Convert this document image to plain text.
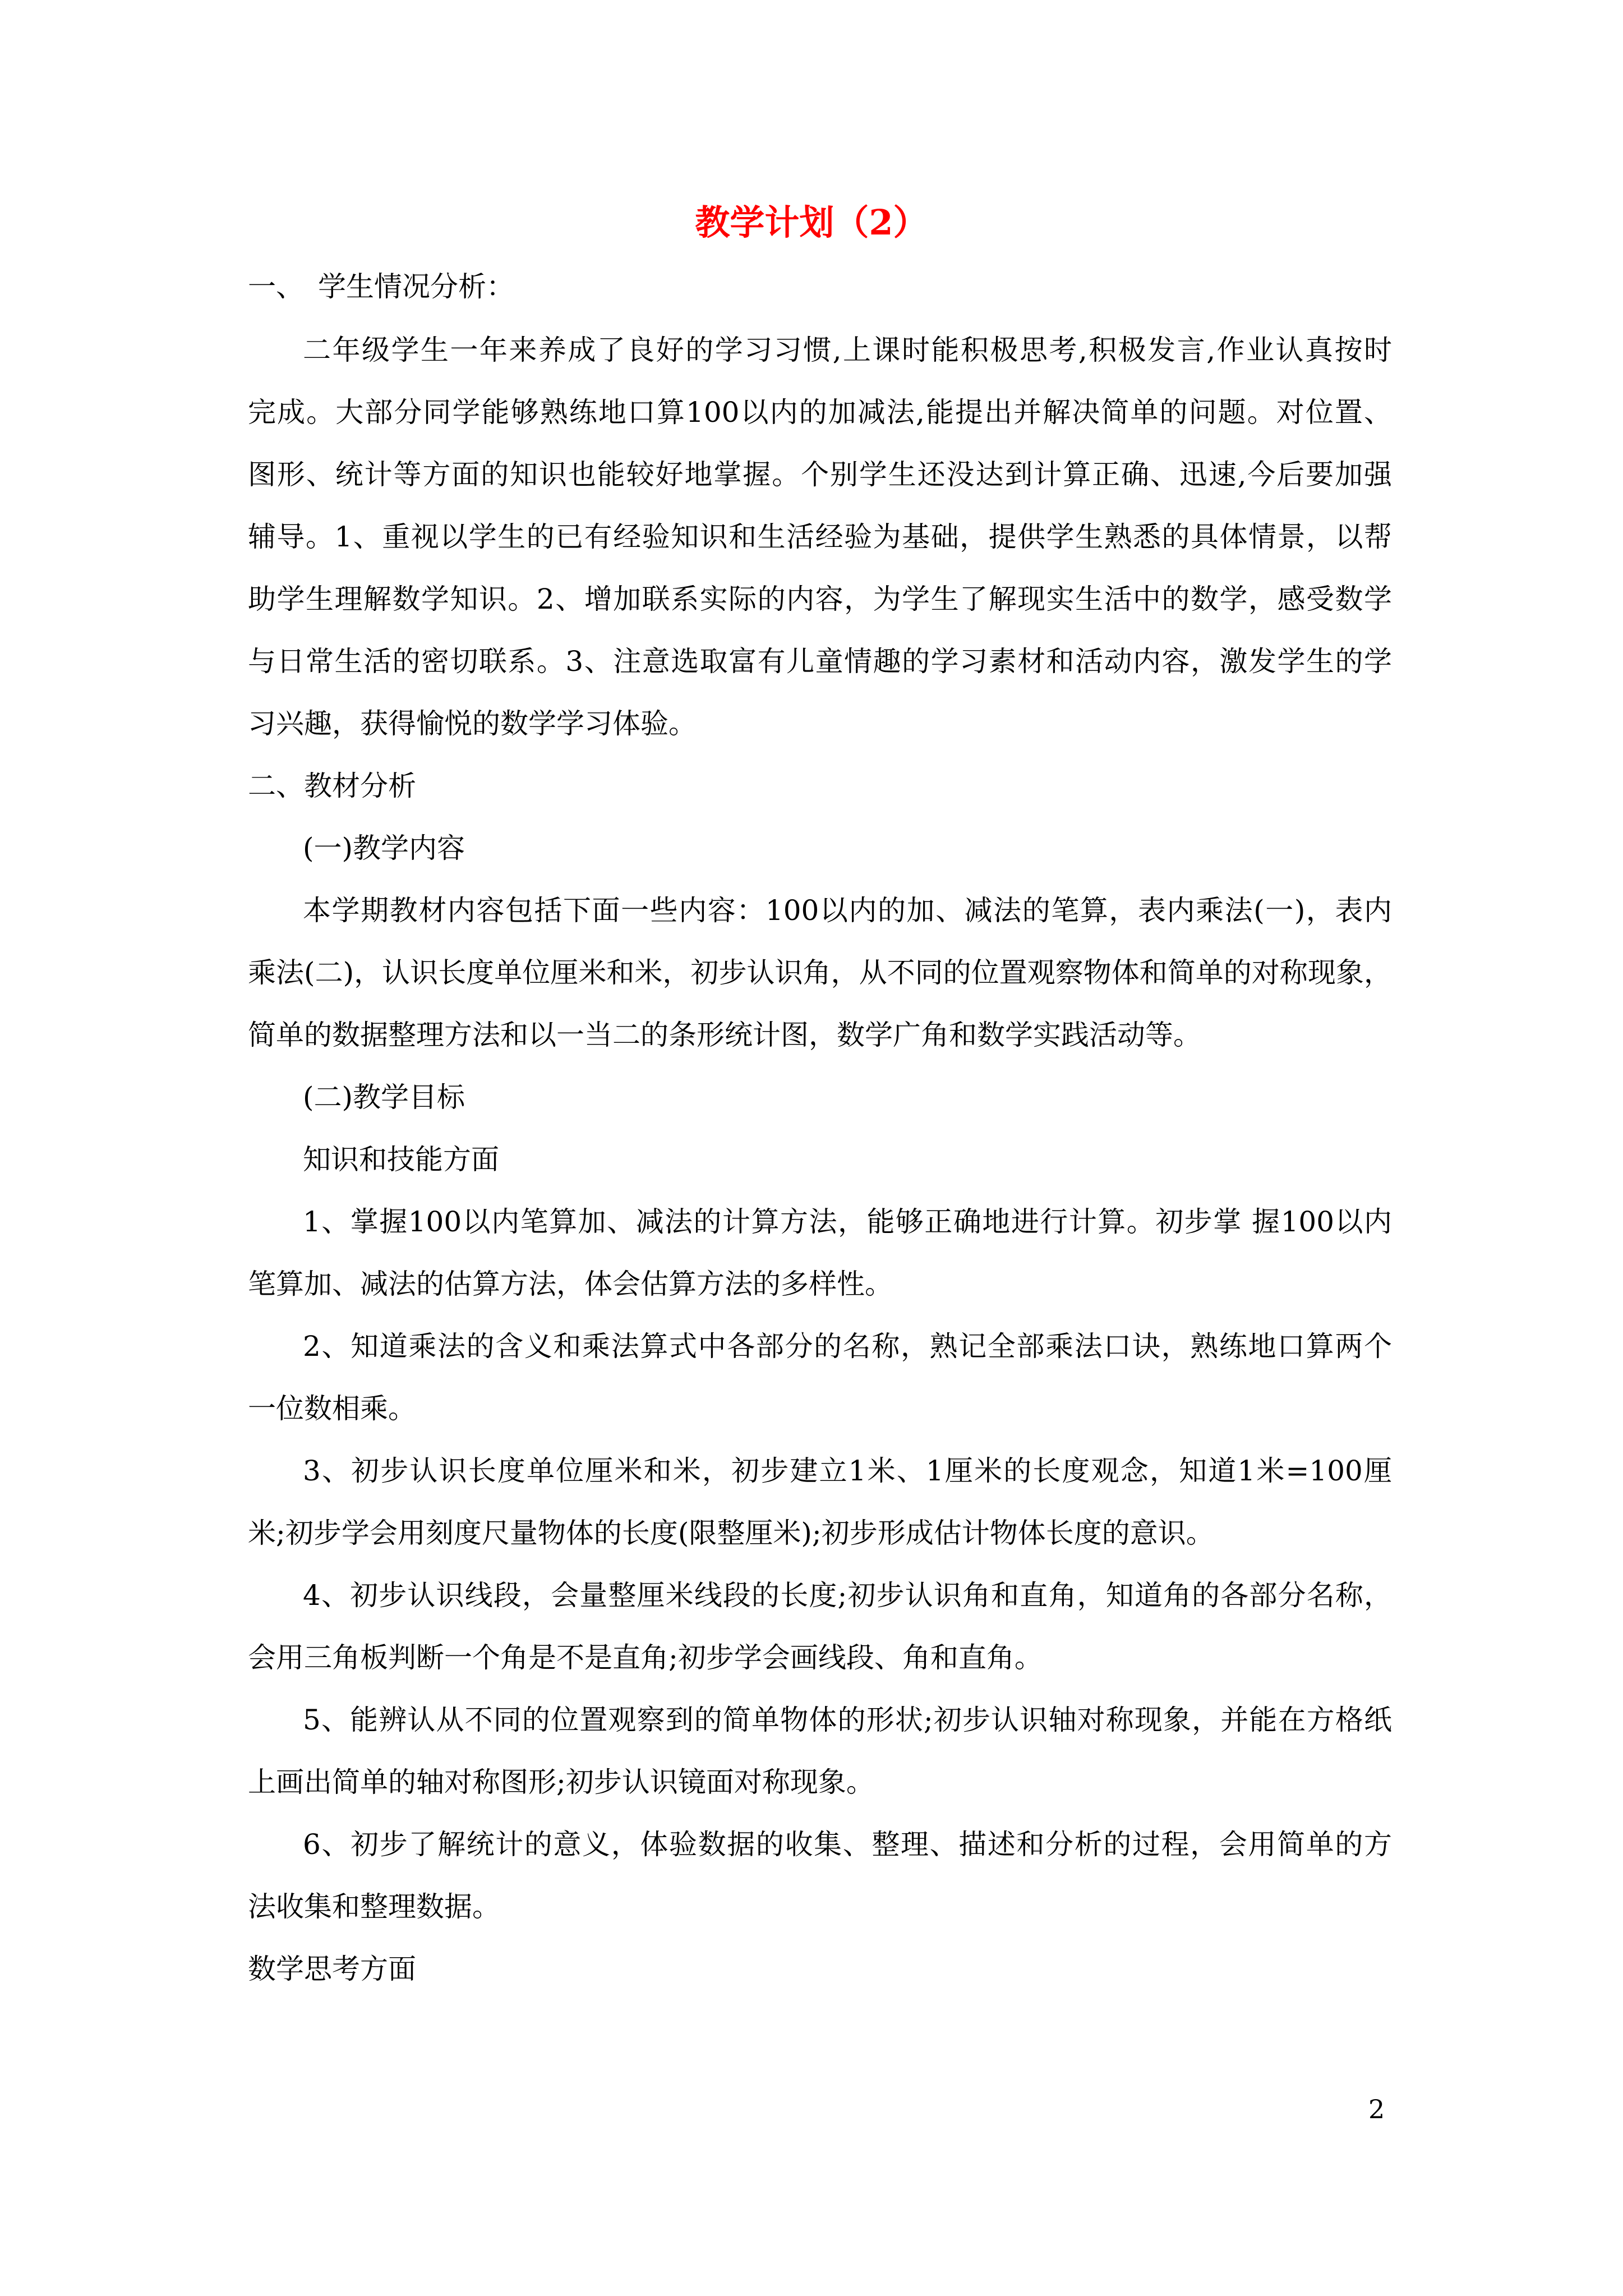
教学计划（2）
一、　学生情况分析：
二年级学生一年来养成了良好的学习习惯,上课时能积极思考,积极发言,作业认真按时
完成。大部分同学能够熟练地口算100以内的加减法,能提出并解决简单的问题。对位置、
图形、统计等方面的知识也能较好地掌握。个别学生还没达到计算正确、迅速,今后要加强
辅导。1、重视以学生的已有经验知识和生活经验为基础，提供学生熟悉的具体情景，以帮
助学生理解数学知识。2、增加联系实际的内容，为学生了解现实生活中的数学，感受数学
与日常生活的密切联系。3、注意选取富有儿童情趣的学习素材和活动内容，激发学生的学
习兴趣，获得愉悦的数学学习体验。
二、教材分析
(一)教学内容
本学期教材内容包括下面一些内容：100以内的加、减法的笔算，表内乘法(一)，表内
乘法(二)，认识长度单位厘米和米，初步认识角，从不同的位置观察物体和简单的对称现象，
简单的数据整理方法和以一当二的条形统计图，数学广角和数学实践活动等。
(二)教学目标
知识和技能方面
1、掌握100以内笔算加、减法的计算方法，能够正确地进行计算。初步掌 握100以内
笔算加、减法的估算方法，体会估算方法的多样性。
2、知道乘法的含义和乘法算式中各部分的名称，熟记全部乘法口诀，熟练地口算两个
一位数相乘。
3、初步认识长度单位厘米和米，初步建立1米、1厘米的长度观念，知道1米=100厘
米;初步学会用刻度尺量物体的长度(限整厘米);初步形成估计物体长度的意识。
4、初步认识线段，会量整厘米线段的长度;初步认识角和直角，知道角的各部分名称，
会用三角板判断一个角是不是直角;初步学会画线段、角和直角。
5、能辨认从不同的位置观察到的简单物体的形状;初步认识轴对称现象，并能在方格纸
上画出简单的轴对称图形;初步认识镜面对称现象。
6、初步了解统计的意义，体验数据的收集、整理、描述和分析的过程，会用简单的方
法收集和整理数据。
数学思考方面
2
